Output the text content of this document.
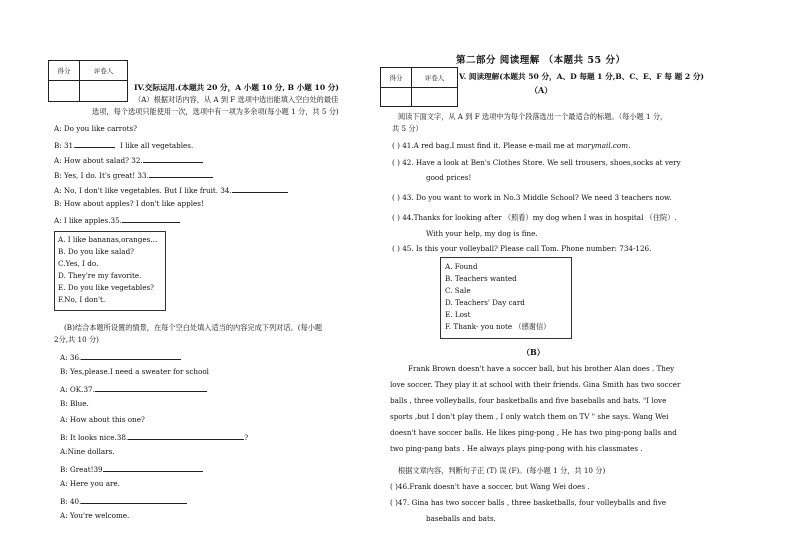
得分	评卷人

IV.交际运用.(本题共 20 分，A 小题 10 分, B 小题 10 分)
（A）根据对话内容，从 A 到 F 选项中选出能填入空白处的最佳
选项，每个选项只能使用一次，选项中有一项为多余项(每小题 1 分，共 5 分)
A: Do you like carrots?
B: 31.	I like all vegetables.
A: How about salad? 32.
B: Yes, I do. It's great! 33.
A: No, I don't like vegetables. But I like fruit. 34.
B: How about apples? I don't like apples!
A: I like apples.35.
A. I like bananas,oranges…
B. Do you like salad?
C.Yes, I do.
D. They're my favorite.
E. Do you like vegetables?
F.No, I don't.
(B)结合本题所设置的情景，在每个空白处填入适当的内容完成下列对话。(每小题
2分,共 10 分)
A: 36.
B: Yes,please.I need a sweater for school
A: OK.37.
B: Blue.
A: How about this one?
B: It looks nice.38.	?
A:Nine dollars.
B: Great!39
A: Here you are.
B: 40.
A: You're welcome.
第二部分 阅读理解 （本题共 55 分）
得分	评卷人
	V. 阅读理解(本题共 50 分，A、D 每题 1 分,B、C、E、F 每 题 2 分)
（A）
阅读下面文字，从 A 到 F 选项中为每个段落选出一个最适合的标题。（每小题 1 分，
共 5 分）
( ) 41.A red bag.I must find it. Please e-mail me at marymail.com.
( ) 42. Have a look at Ben's Clothes Store. We sell trousers, shoes,socks at very
good prices!
( ) 43. Do you want to work in No.3 Middle School? We need 3 teachers now.
( ) 44.Thanks for looking after （照看）my dog when I was in hospital （住院）.
With your help, my dog is fine.
( ) 45. Is this your volleyball? Please call Tom. Phone number: 734-126.
A. Found
B. Teachers wanted
C. Sale
D. Teachers' Day card
E. Lost
F. Thank- you note （感谢信）
（B）
Frank Brown doesn't have a soccer ball, but his brother Alan does . They
love soccer. They play it at school with their friends. Gina Smith has two soccer
balls , three volleyballs, four basketballs and five baseballs and bats. "I love
sports ,but I don't play them , I only watch them on TV " she says. Wang Wei
doesn't have soccer balls. He likes ping-pong , He has two ping-pong balls and
two ping-pang bats . He always plays ping-pong with his classmates .
根据文章内容，判断句子正 (T) 误 (F)。(每小题 1 分，共 10 分)
( )46.Frank doesn't have a soccer, but Wang Wei does .
( )47. Gina has two soccer balls , three basketballs, four volleyballs and five
baseballs and bats.
